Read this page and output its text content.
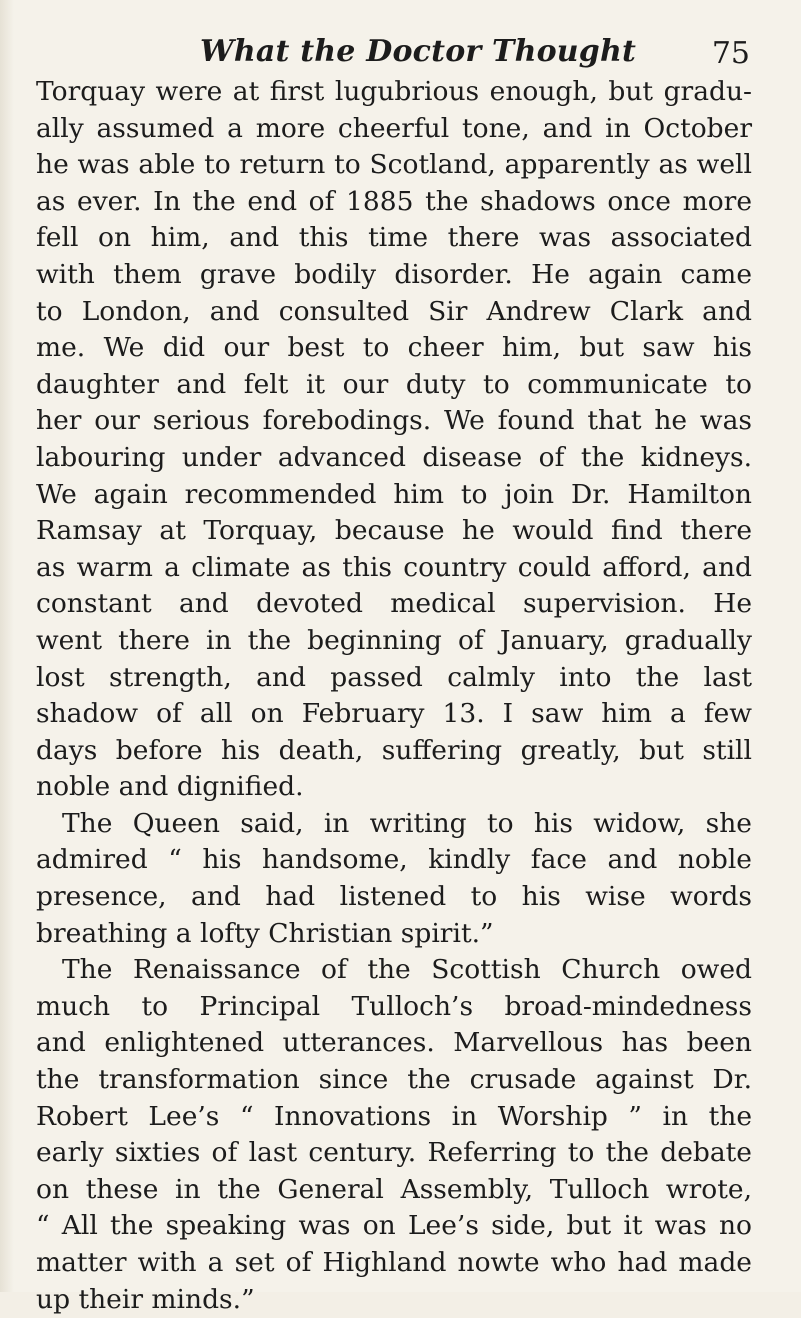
What the Doctor Thought	75
Torquay were at first lugubrious enough, but gradu-
ally assumed a more cheerful tone, and in October
he was able to return to Scotland, apparently as well
as ever. In the end of 1885 the shadows once more
fell on him, and this time there was associated
with them grave bodily disorder. He again came
to London, and consulted Sir Andrew Clark and
me. We did our best to cheer him, but saw his
daughter and felt it our duty to communicate to
her our serious forebodings. We found that he was
labouring under advanced disease of the kidneys.
We again recommended him to join Dr. Hamilton
Ramsay at Torquay, because he would find there
as warm a climate as this country could afford, and
constant and devoted medical supervision. He
went there in the beginning of January, gradually
lost strength, and passed calmly into the last
shadow of all on February 13. I saw him a few
days before his death, suffering greatly, but still
noble and dignified.
The Queen said, in writing to his widow, she
admired “ his handsome, kindly face and noble
presence, and had listened to his wise words
breathing a lofty Christian spirit.”
The Renaissance of the Scottish Church owed
much to Principal Tulloch’s broad-mindedness
and enlightened utterances. Marvellous has been
the transformation since the crusade against Dr.
Robert Lee’s “ Innovations in Worship ” in the
early sixties of last century. Referring to the debate
on these in the General Assembly, Tulloch wrote,
“ All the speaking was on Lee’s side, but it was no
matter with a set of Highland nowte who had made
up their minds.”
